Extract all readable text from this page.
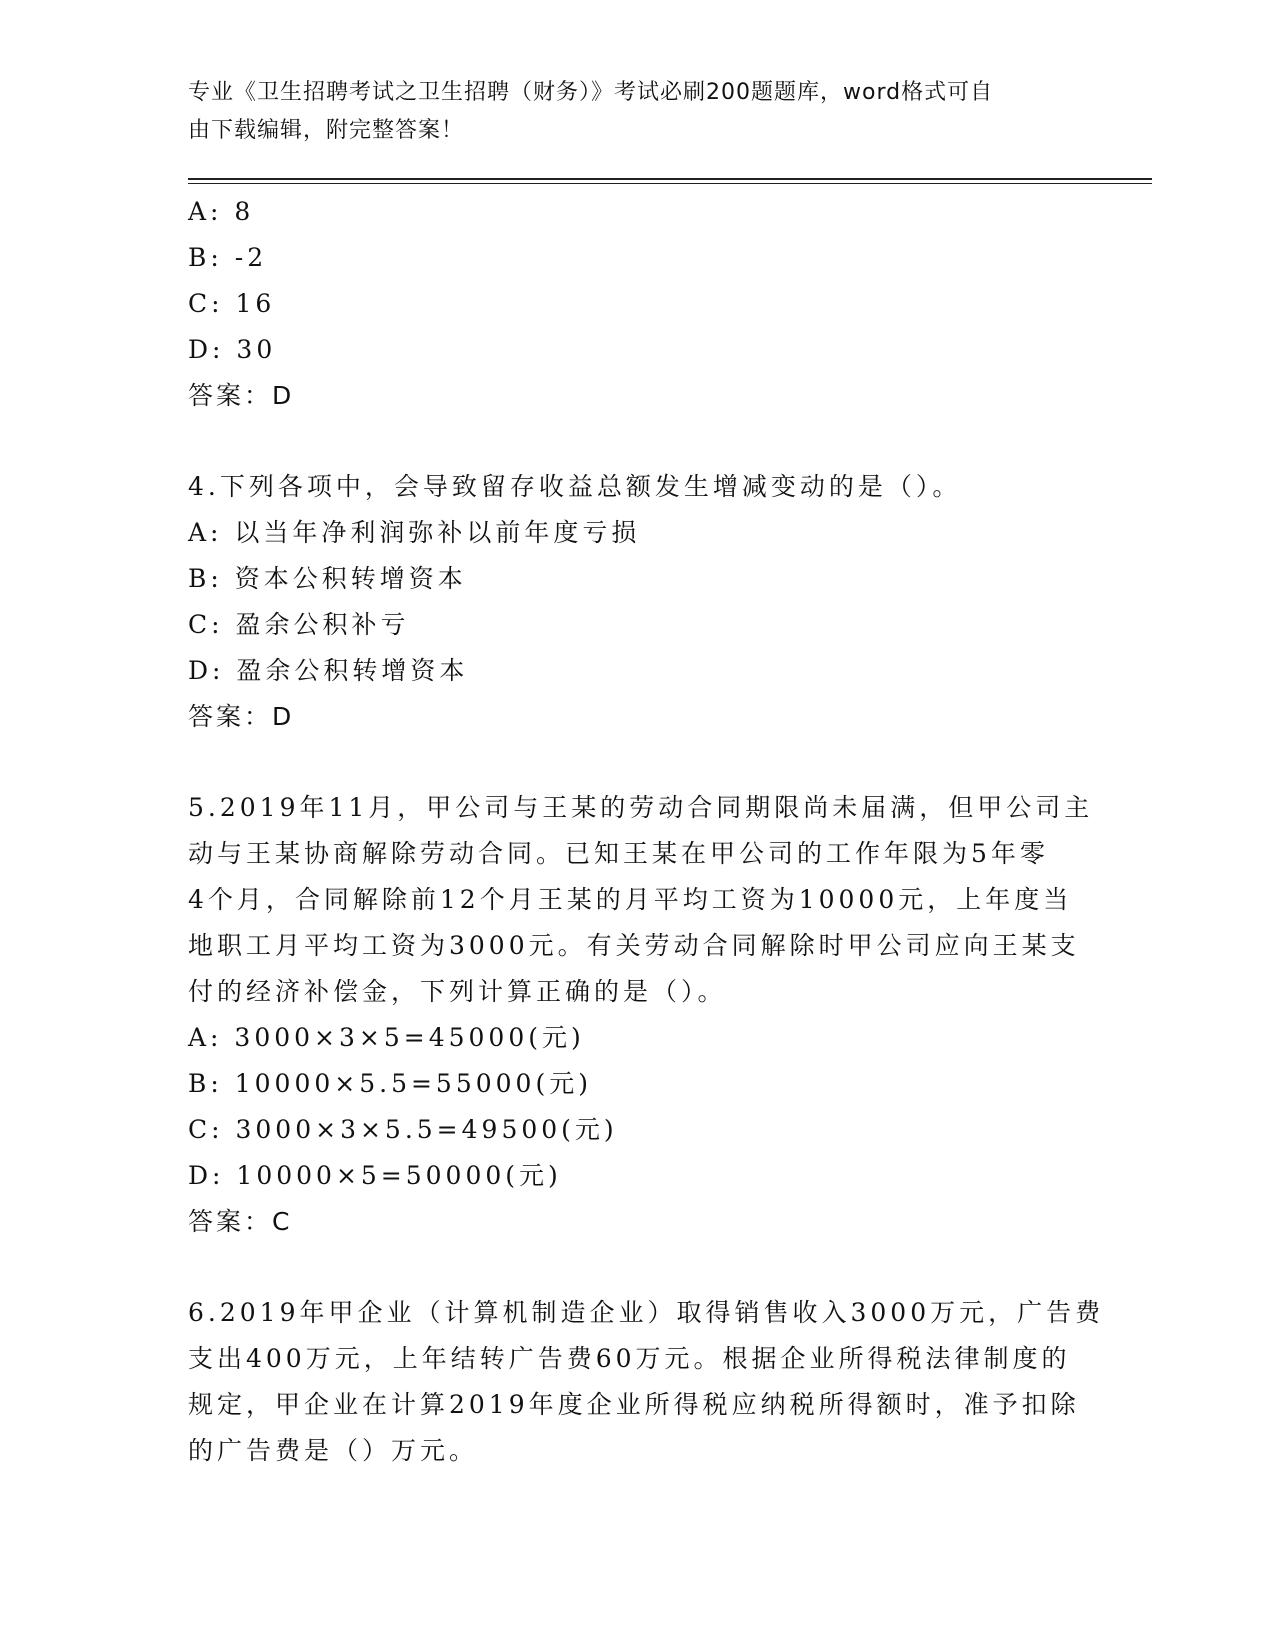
专业《卫生招聘考试之卫生招聘（财务）》考试必刷200题题库，word格式可自
由下载编辑，附完整答案！
A: 8
B: -2
C: 16
D: 30
答案：D
4.下列各项中，会导致留存收益总额发生增减变动的是（）。
A: 以当年净利润弥补以前年度亏损
B: 资本公积转增资本
C: 盈余公积补亏
D: 盈余公积转增资本
答案：D
5.2019年11月，甲公司与王某的劳动合同期限尚未届满，但甲公司主
动与王某协商解除劳动合同。已知王某在甲公司的工作年限为5年零
4个月，合同解除前12个月王某的月平均工资为10000元，上年度当
地职工月平均工资为3000元。有关劳动合同解除时甲公司应向王某支
付的经济补偿金，下列计算正确的是（）。
A: 3000×3×5=45000(元)
B: 10000×5.5=55000(元)
C: 3000×3×5.5=49500(元)
D: 10000×5=50000(元)
答案：C
6.2019年甲企业（计算机制造企业）取得销售收入3000万元，广告费
支出400万元，上年结转广告费60万元。根据企业所得税法律制度的
规定，甲企业在计算2019年度企业所得税应纳税所得额时，准予扣除
的广告费是（）万元。
